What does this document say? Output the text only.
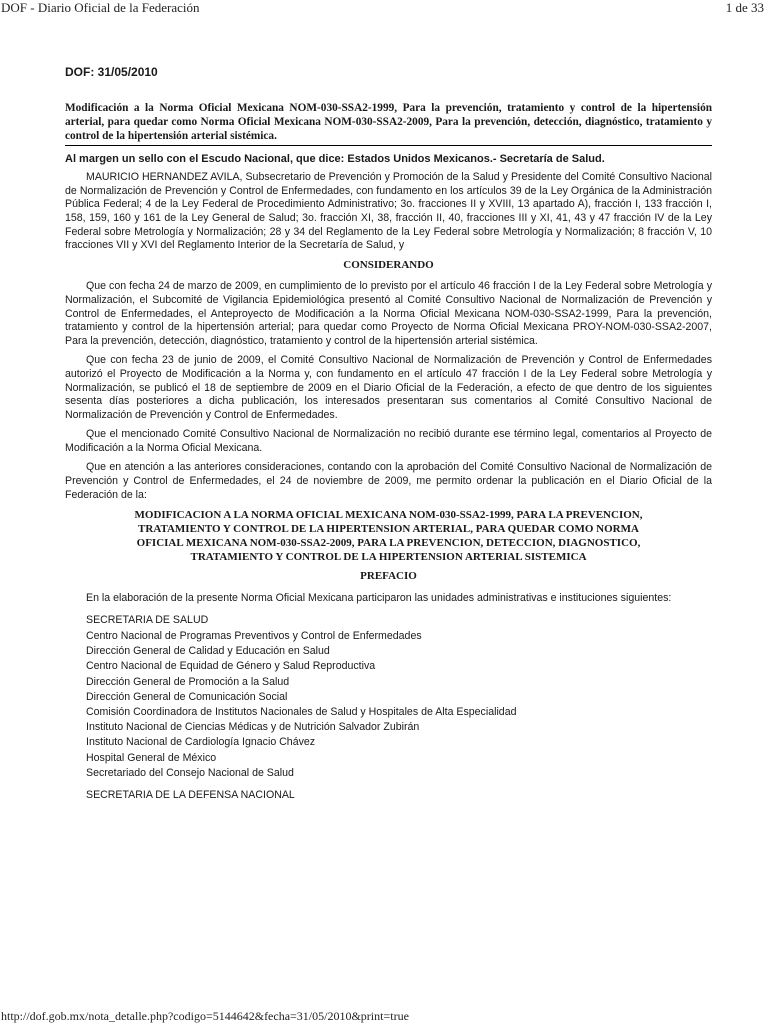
DOF - Diario Oficial de la Federación	1 de 33
DOF: 31/05/2010
Modificación a la Norma Oficial Mexicana NOM-030-SSA2-1999, Para la prevención, tratamiento y control de la hipertensión arterial, para quedar como Norma Oficial Mexicana NOM-030-SSA2-2009, Para la prevención, detección, diagnóstico, tratamiento y control de la hipertensión arterial sistémica.
Al margen un sello con el Escudo Nacional, que dice: Estados Unidos Mexicanos.- Secretaría de Salud.

MAURICIO HERNANDEZ AVILA, Subsecretario de Prevención y Promoción de la Salud y Presidente del Comité Consultivo Nacional de Normalización de Prevención y Control de Enfermedades, con fundamento en los artículos 39 de la Ley Orgánica de la Administración Pública Federal; 4 de la Ley Federal de Procedimiento Administrativo; 3o. fracciones II y XVIII, 13 apartado A), fracción I, 133 fracción I, 158, 159, 160 y 161 de la Ley General de Salud; 3o. fracción XI, 38, fracción II, 40, fracciones III y XI, 41, 43 y 47 fracción IV de la Ley Federal sobre Metrología y Normalización; 28 y 34 del Reglamento de la Ley Federal sobre Metrología y Normalización; 8 fracción V, 10 fracciones VII y XVI del Reglamento Interior de la Secretaría de Salud, y

CONSIDERANDO

Que con fecha 24 de marzo de 2009, en cumplimiento de lo previsto por el artículo 46 fracción I de la Ley Federal sobre Metrología y Normalización, el Subcomité de Vigilancia Epidemiológica presentó al Comité Consultivo Nacional de Normalización de Prevención y Control de Enfermedades, el Anteproyecto de Modificación a la Norma Oficial Mexicana NOM-030-SSA2-1999, Para la prevención, tratamiento y control de la hipertensión arterial; para quedar como Proyecto de Norma Oficial Mexicana PROY-NOM-030-SSA2-2007, Para la prevención, detección, diagnóstico, tratamiento y control de la hipertensión arterial sistémica.

Que con fecha 23 de junio de 2009, el Comité Consultivo Nacional de Normalización de Prevención y Control de Enfermedades autorizó el Proyecto de Modificación a la Norma y, con fundamento en el artículo 47 fracción I de la Ley Federal sobre Metrología y Normalización, se publicó el 18 de septiembre de 2009 en el Diario Oficial de la Federación, a efecto de que dentro de los siguientes sesenta días posteriores a dicha publicación, los interesados presentaran sus comentarios al Comité Consultivo Nacional de Normalización de Prevención y Control de Enfermedades.

Que el mencionado Comité Consultivo Nacional de Normalización no recibió durante ese término legal, comentarios al Proyecto de Modificación a la Norma Oficial Mexicana.

Que en atención a las anteriores consideraciones, contando con la aprobación del Comité Consultivo Nacional de Normalización de Prevención y Control de Enfermedades, el 24 de noviembre de 2009, me permito ordenar la publicación en el Diario Oficial de la Federación de la:

MODIFICACION A LA NORMA OFICIAL MEXICANA NOM-030-SSA2-1999, PARA LA PREVENCION, TRATAMIENTO Y CONTROL DE LA HIPERTENSION ARTERIAL, PARA QUEDAR COMO NORMA OFICIAL MEXICANA NOM-030-SSA2-2009, PARA LA PREVENCION, DETECCION, DIAGNOSTICO, TRATAMIENTO Y CONTROL DE LA HIPERTENSION ARTERIAL SISTEMICA
PREFACIO

En la elaboración de la presente Norma Oficial Mexicana participaron las unidades administrativas e instituciones siguientes:

SECRETARIA DE SALUD
Centro Nacional de Programas Preventivos y Control de Enfermedades
Dirección General de Calidad y Educación en Salud
Centro Nacional de Equidad de Género y Salud Reproductiva
Dirección General de Promoción a la Salud
Dirección General de Comunicación Social
Comisión Coordinadora de Institutos Nacionales de Salud y Hospitales de Alta Especialidad
Instituto Nacional de Ciencias Médicas y de Nutrición Salvador Zubirán
Instituto Nacional de Cardiología Ignacio Chávez
Hospital General de México
Secretariado del Consejo Nacional de Salud
SECRETARIA DE LA DEFENSA NACIONAL
http://dof.gob.mx/nota_detalle.php?codigo=5144642&fecha=31/05/2010&print=true
